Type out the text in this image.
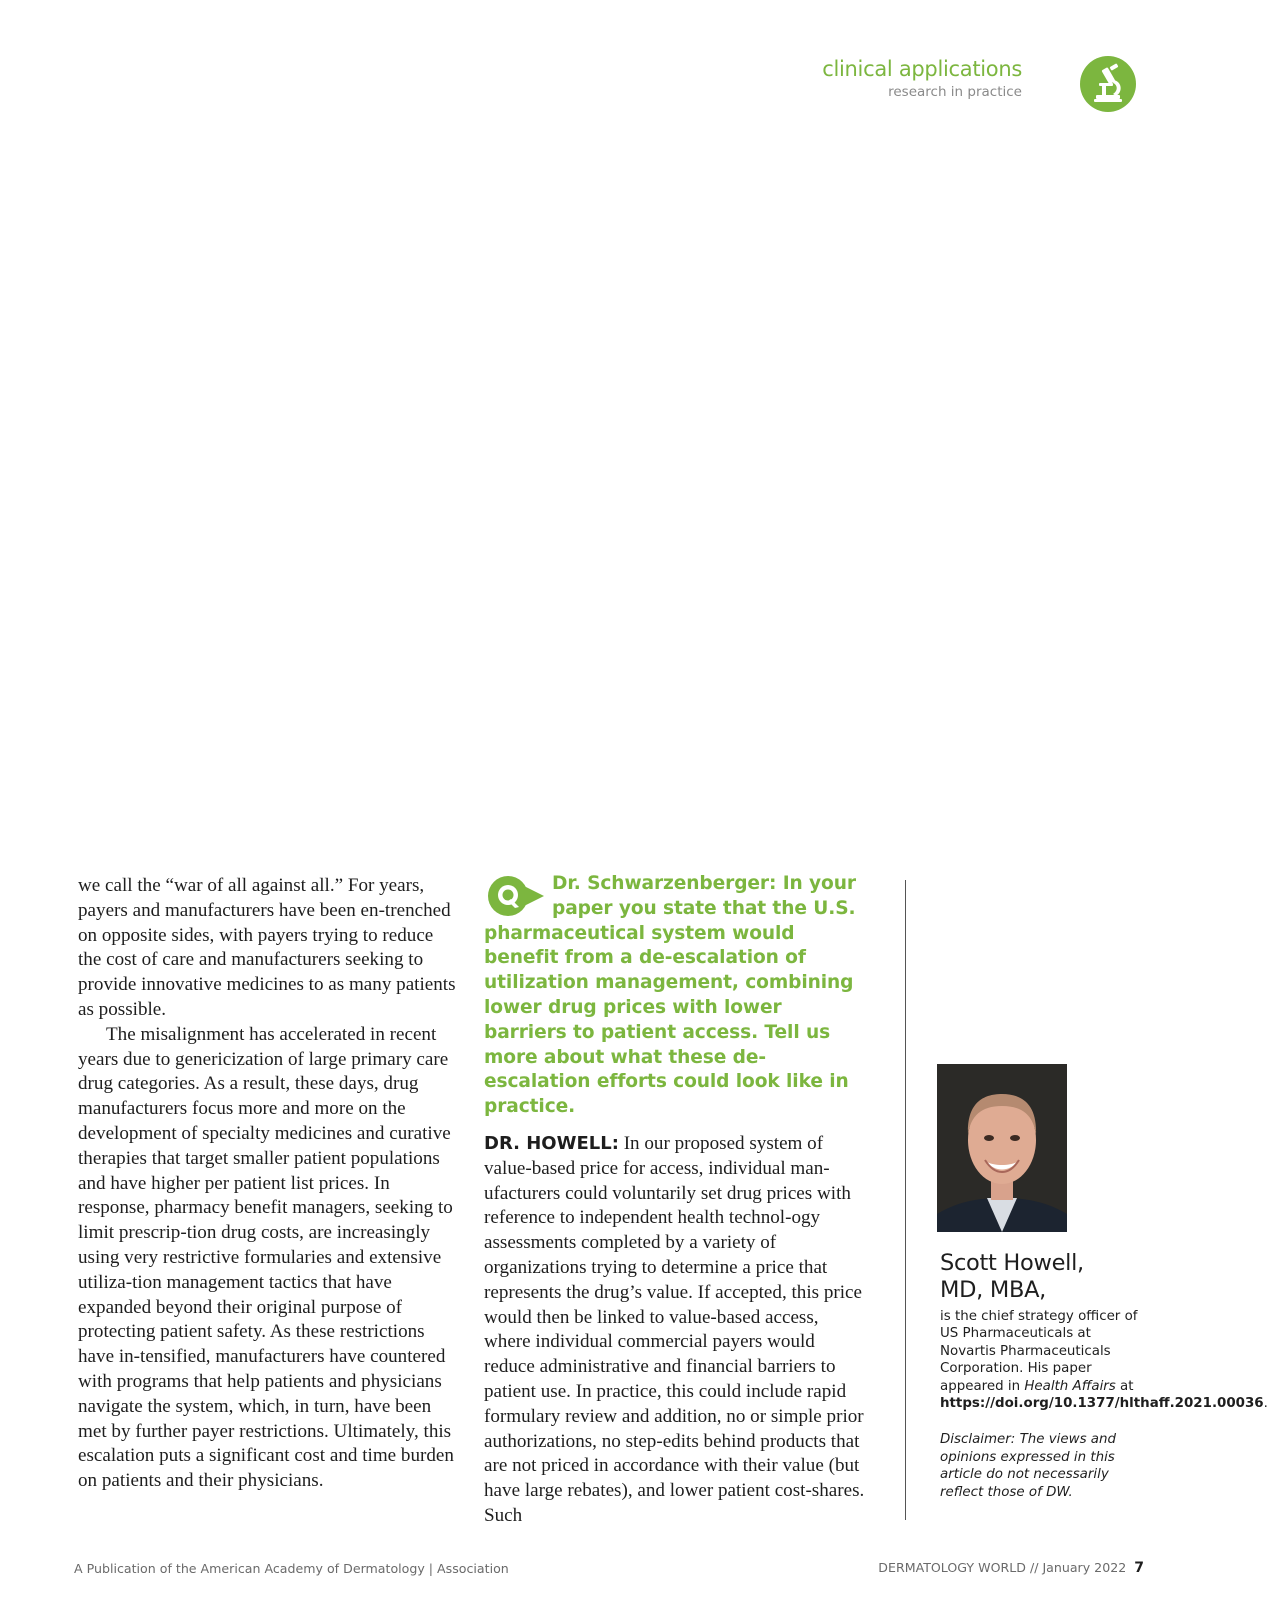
clinical applications
research in practice

we call the “war of all against all.” For years, payers and manufacturers have been en-trenched on opposite sides, with payers trying to reduce the cost of care and manufacturers seeking to provide innovative medicines to as many patients as possible.

The misalignment has accelerated in recent years due to genericization of large primary care drug categories. As a result, these days, drug manufacturers focus more and more on the development of specialty medicines and curative therapies that target smaller patient populations and have higher per patient list prices. In response, pharmacy benefit managers, seeking to limit prescrip-tion drug costs, are increasingly using very restrictive formularies and extensive utiliza-tion management tactics that have expanded beyond their original purpose of protecting patient safety. As these restrictions have in-tensified, manufacturers have countered with programs that help patients and physicians navigate the system, which, in turn, have been met by further payer restrictions. Ultimately, this escalation puts a significant cost and time burden on patients and their physicians.

Dr. Schwarzenberger: In your paper you state that the U.S. pharmaceutical system would benefit from a de-escalation of utilization management, combining lower drug prices with lower barriers to patient access. Tell us more about what these de-escalation efforts could look like in practice.

DR. HOWELL: In our proposed system of value-based price for access, individual man-ufacturers could voluntarily set drug prices with reference to independent health technol-ogy assessments completed by a variety of organizations trying to determine a price that represents the drug’s value. If accepted, this price would then be linked to value-based access, where individual commercial payers would reduce administrative and financial barriers to patient use. In practice, this could include rapid formulary review and addition, no or simple prior authorizations, no step-edits behind products that are not priced in accordance with their value (but have large rebates), and lower patient cost-shares. Such

Scott Howell,
MD, MBA,

is the chief strategy officer of US Pharmaceuticals at Novartis Pharmaceuticals Corporation. His paper appeared in Health Affairs at https://doi.org/10.1377/hlthaff.2021.00036.

Disclaimer: The views and opinions expressed in this article do not necessarily reflect those of DW.

A Publication of the American Academy of Dermatology | Association	DERMATOLOGY WORLD // January 2022 7
